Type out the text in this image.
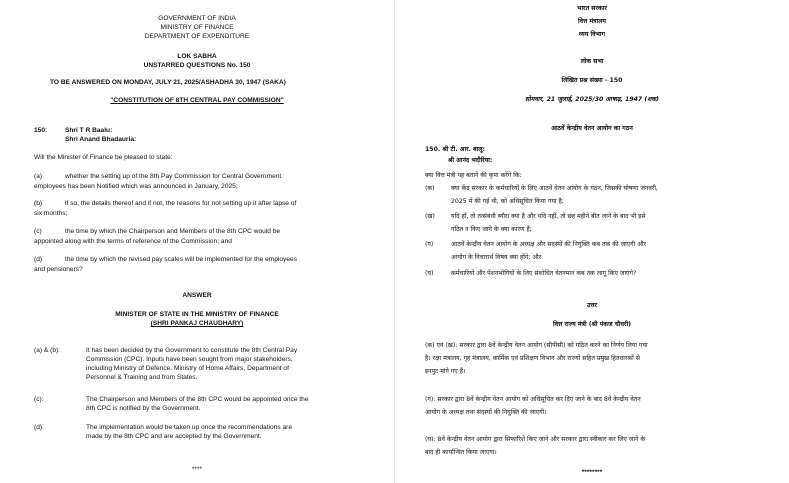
GOVERNMENT OF INDIA
MINISTRY OF FINANCE
DEPARTMENT OF EXPENDITURE
LOK SABHA
UNSTARRED QUESTIONS No. 150
TO BE ANSWERED ON MONDAY, JULY 21, 2025/ASHADHA 30, 1947 (SAKA)
"CONSTITUTION OF 8TH CENTRAL PAY COMMISSION"
150:	Shri T R Baalu:
Shri Anand Bhadauria:
Will the Minister of Finance be pleased to state:
(a)	whether the setting up of the 8th Pay Commission for Central Government
employees has been Notified which was announced in January, 2025;
(b)	if so, the details thereof and if not, the reasons for not setting up it after lapse of
six months;
(c)	the time by which the Chairperson and Members of the 8th CPC would be
appointed along with the terms of reference of the Commission; and
(d)	the time by which the revised pay scales will be implemented for the employees
and pensioners?
ANSWER
MINISTER OF STATE IN THE MINISTRY OF FINANCE
(SHRI PANKAJ CHAUDHARY)
(a) & (b):	It has been decided by the Government to constitute the 8th Central Pay
Commission (CPC). Inputs have been sought from major stakeholders,
including Ministry of Defence, Ministry of Home Affairs, Department of
Personnel & Training and from States.
(c):	The Chairperson and Members of the 8th CPC would be appointed once the
8th CPC is notified by the Government.
(d):	The implementation would be taken up once the recommendations are
made by the 8th CPC and are accepted by the Government.
****
भारत सरकार
वित्त मंत्रालय
व्यय विभाग
लोक सभा
लिखित प्रश्न संख्या - 150
सोमवार, 21 जुलाई, 2025/30 आषाढ़, 1947 (शक)
आठवें केन्द्रीय वेतन आयोग का गठन
150. श्री टी. आर. बालू:
श्री आनंद भदौरिया:
क्या वित्त मंत्री यह बताने की कृपा करेंगे कि:
(क)	क्या केंद्र सरकार के कर्मचारियों के लिए आठवें वेतन आयोग के गठन, जिसकी घोषणा जनवरी,
2025 में की गई थी, को अधिसूचित किया गया है;
(ख)	यदि हाँ, तो तत्संबंधी ब्यौरा क्या है और यदि नहीं, तो छह महीने बीत जाने के बाद भी इसे
गठित न किए जाने के क्या कारण हैं;
(ग)	आठवें केन्द्रीय वेतन आयोग के अध्यक्ष और सदस्यों की नियुक्ति कब तक की जाएगी और
आयोग के विचारार्थ विषय क्या होंगे; और
(घ)	कर्मचारियों और पेंशनभोगियों के लिए संशोधित वेतनमान कब तक लागू किए जाएंगे?
उत्तर
वित्त राज्य मंत्री (श्री पंकज चौधरी)
(क) एवं (ख): सरकार द्वारा 8वें केन्द्रीय वेतन आयोग (सीपीसी) को गठित करने का निर्णय लिया गया
है। रक्षा मंत्रालय, गृह मंत्रालय, कार्मिक एवं प्रशिक्षण विभाग और राज्यों सहित प्रमुख हितधारकों से
इनपुट मांगे गए हैं।
(ग): सरकार द्वारा 8वें केन्द्रीय वेतन आयोग को अधिसूचित कर दिए जाने के बाद 8वें केन्द्रीय वेतन
आयोग के अध्यक्ष तथा सदस्यों की नियुक्ति की जाएगी।
(घ): 8वें केन्द्रीय वेतन आयोग द्वारा सिफारिशें किए जाने और सरकार द्वारा स्वीकार कर लिए जाने के
बाद ही कार्यान्वित किया जाएगा।
********
